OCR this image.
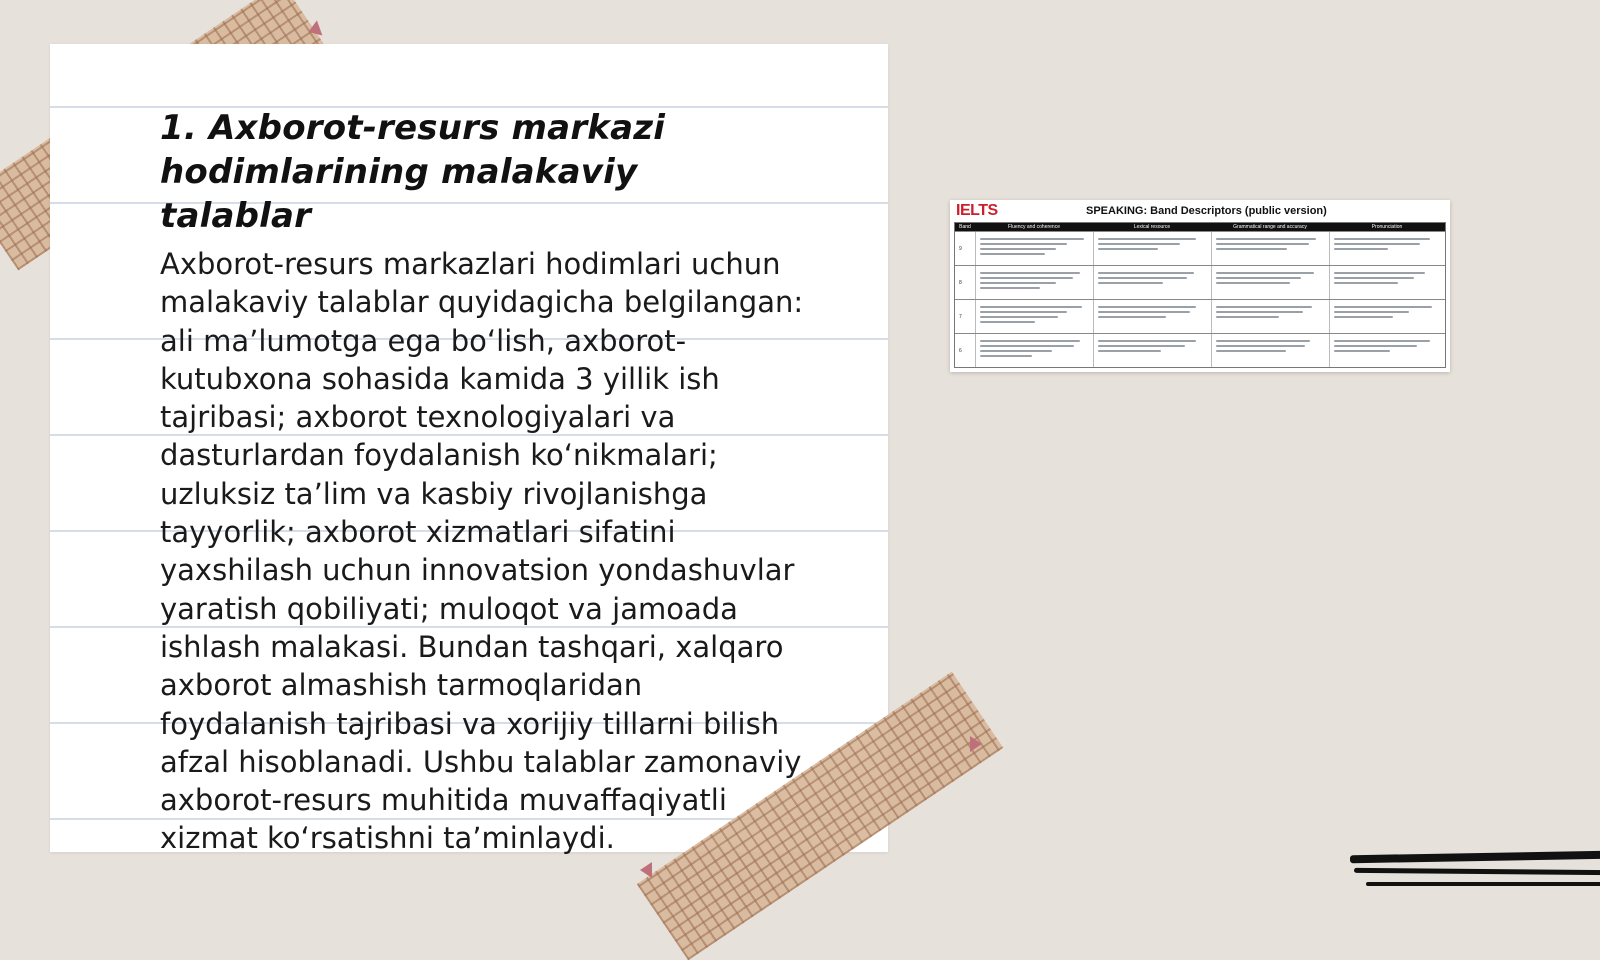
1. Axborot-resurs markazi
hodimlarining malakaviy talablar

Axborot-resurs markazlari hodimlari uchun
malakaviy talablar quyidagicha belgilangan:
ali ma’lumotga ega bo‘lish, axborot-
kutubxona sohasida kamida 3 yillik ish
tajribasi; axborot texnologiyalari va
dasturlardan foydalanish ko‘nikmalari;
uzluksiz ta’lim va kasbiy rivojlanishga
tayyorlik; axborot xizmatlari sifatini
yaxshilash uchun innovatsion yondashuvlar
yaratish qobiliyati; muloqot va jamoada
ishlash malakasi. Bundan tashqari, xalqaro
axborot almashish tarmoqlaridan
foydalanish tajribasi va xorijiy tillarni bilish
afzal hisoblanadi. Ushbu talablar zamonaviy
axborot-resurs muhitida muvaffaqiyatli
xizmat ko‘rsatishni ta’minlaydi.

IELTS	SPEAKING: Band Descriptors (public version)
Band	Fluency and coherence	Lexical resource	Grammatical range and accuracy	Pronunciation
9
8
7
6
